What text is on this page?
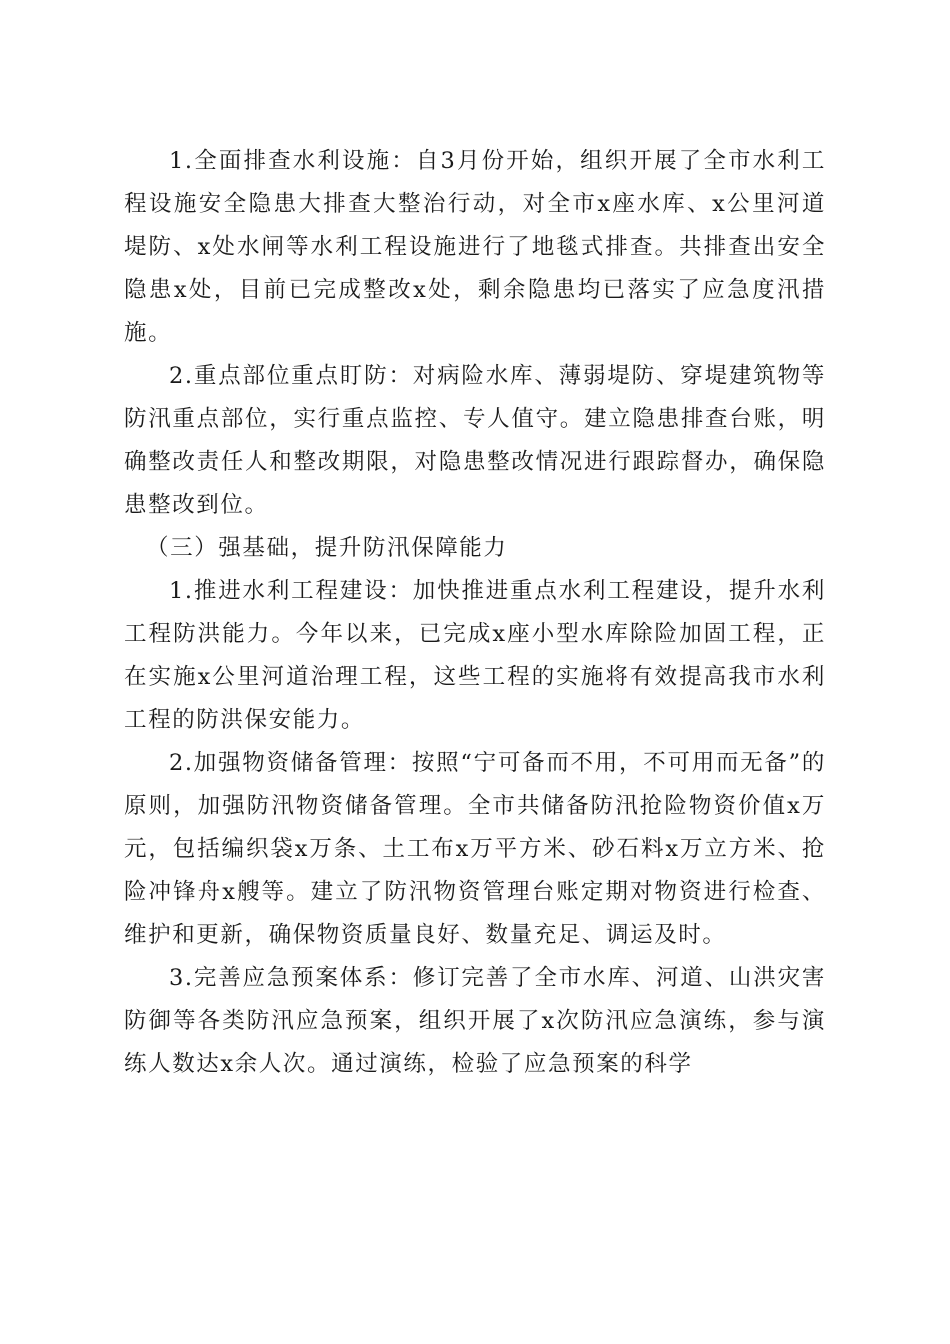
1.全面排查水利设施：自3月份开始，组织开展了全市水利工程设施安全隐患大排查大整治行动，对全市x座水库、x公里河道堤防、x处水闸等水利工程设施进行了地毯式排查。共排查出安全隐患x处，目前已完成整改x处，剩余隐患均已落实了应急度汛措施。

2.重点部位重点盯防：对病险水库、薄弱堤防、穿堤建筑物等防汛重点部位，实行重点监控、专人值守。建立隐患排查台账，明确整改责任人和整改期限，对隐患整改情况进行跟踪督办，确保隐患整改到位。

（三）强基础，提升防汛保障能力

1.推进水利工程建设：加快推进重点水利工程建设，提升水利工程防洪能力。今年以来，已完成x座小型水库除险加固工程，正在实施x公里河道治理工程，这些工程的实施将有效提高我市水利工程的防洪保安能力。

2.加强物资储备管理：按照“宁可备而不用，不可用而无备”的原则，加强防汛物资储备管理。全市共储备防汛抢险物资价值x万元，包括编织袋x万条、土工布x万平方米、砂石料x万立方米、抢险冲锋舟x艘等。建立了防汛物资管理台账定期对物资进行检查、维护和更新，确保物资质量良好、数量充足、调运及时。

3.完善应急预案体系：修订完善了全市水库、河道、山洪灾害防御等各类防汛应急预案，组织开展了x次防汛应急演练，参与演练人数达x余人次。通过演练，检验了应急预案的科学
